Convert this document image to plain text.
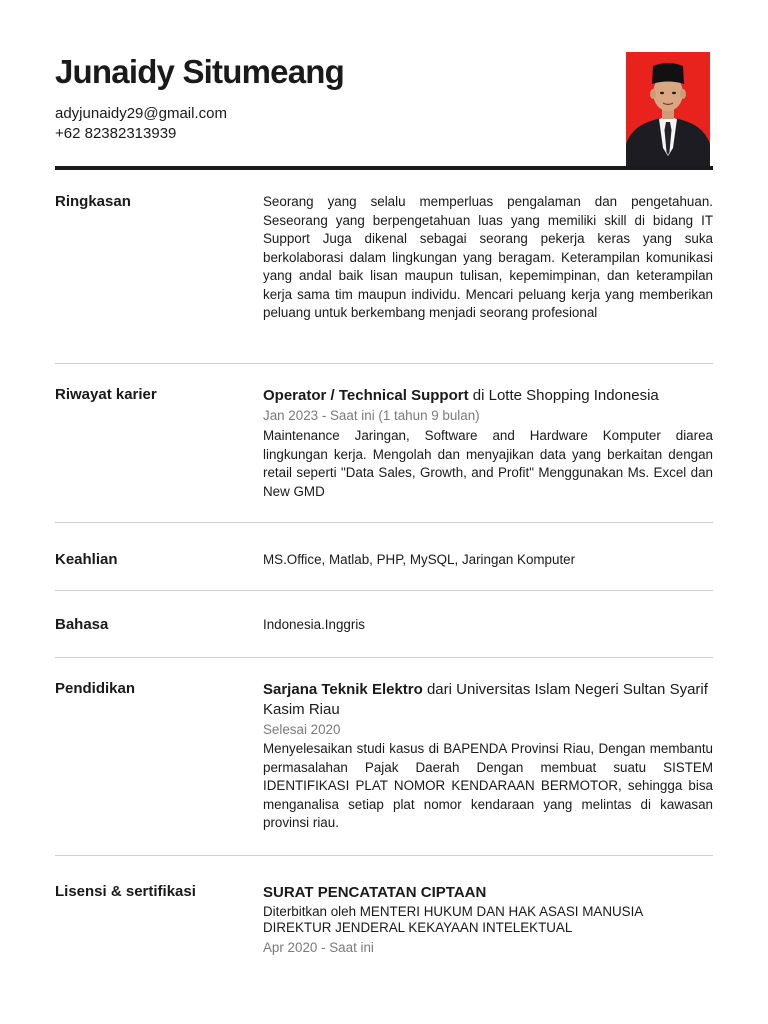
Junaidy Situmeang
adyjunaidy29@gmail.com
+62 82382313939
Ringkasan	Seorang yang selalu memperluas pengalaman dan pengetahuan. Seseorang yang berpengetahuan luas yang memiliki skill di bidang IT Support Juga dikenal sebagai seorang pekerja keras yang suka berkolaborasi dalam lingkungan yang beragam. Keterampilan komunikasi yang andal baik lisan maupun tulisan, kepemimpinan, dan keterampilan kerja sama tim maupun individu. Mencari peluang kerja yang memberikan peluang untuk berkembang menjadi seorang profesional
Riwayat karier	Operator / Technical Support di Lotte Shopping Indonesia
Jan 2023 - Saat ini (1 tahun 9 bulan)
Maintenance Jaringan, Software and Hardware Komputer diarea lingkungan kerja. Mengolah dan menyajikan data yang berkaitan dengan retail seperti "Data Sales, Growth, and Profit" Menggunakan Ms. Excel dan New GMD
Keahlian	MS.Office, Matlab, PHP, MySQL, Jaringan Komputer
Bahasa	Indonesia.Inggris
Pendidikan	Sarjana Teknik Elektro dari Universitas Islam Negeri Sultan Syarif Kasim Riau
Selesai 2020
Menyelesaikan studi kasus di BAPENDA Provinsi Riau, Dengan membantu permasalahan Pajak Daerah Dengan membuat suatu SISTEM IDENTIFIKASI PLAT NOMOR KENDARAAN BERMOTOR, sehingga bisa menganalisa setiap plat nomor kendaraan yang melintas di kawasan provinsi riau.
Lisensi & sertifikasi	SURAT PENCATATAN CIPTAAN
Diterbitkan oleh MENTERI HUKUM DAN HAK ASASI MANUSIA DIREKTUR JENDERAL KEKAYAAN INTELEKTUAL
Apr 2020 - Saat ini
